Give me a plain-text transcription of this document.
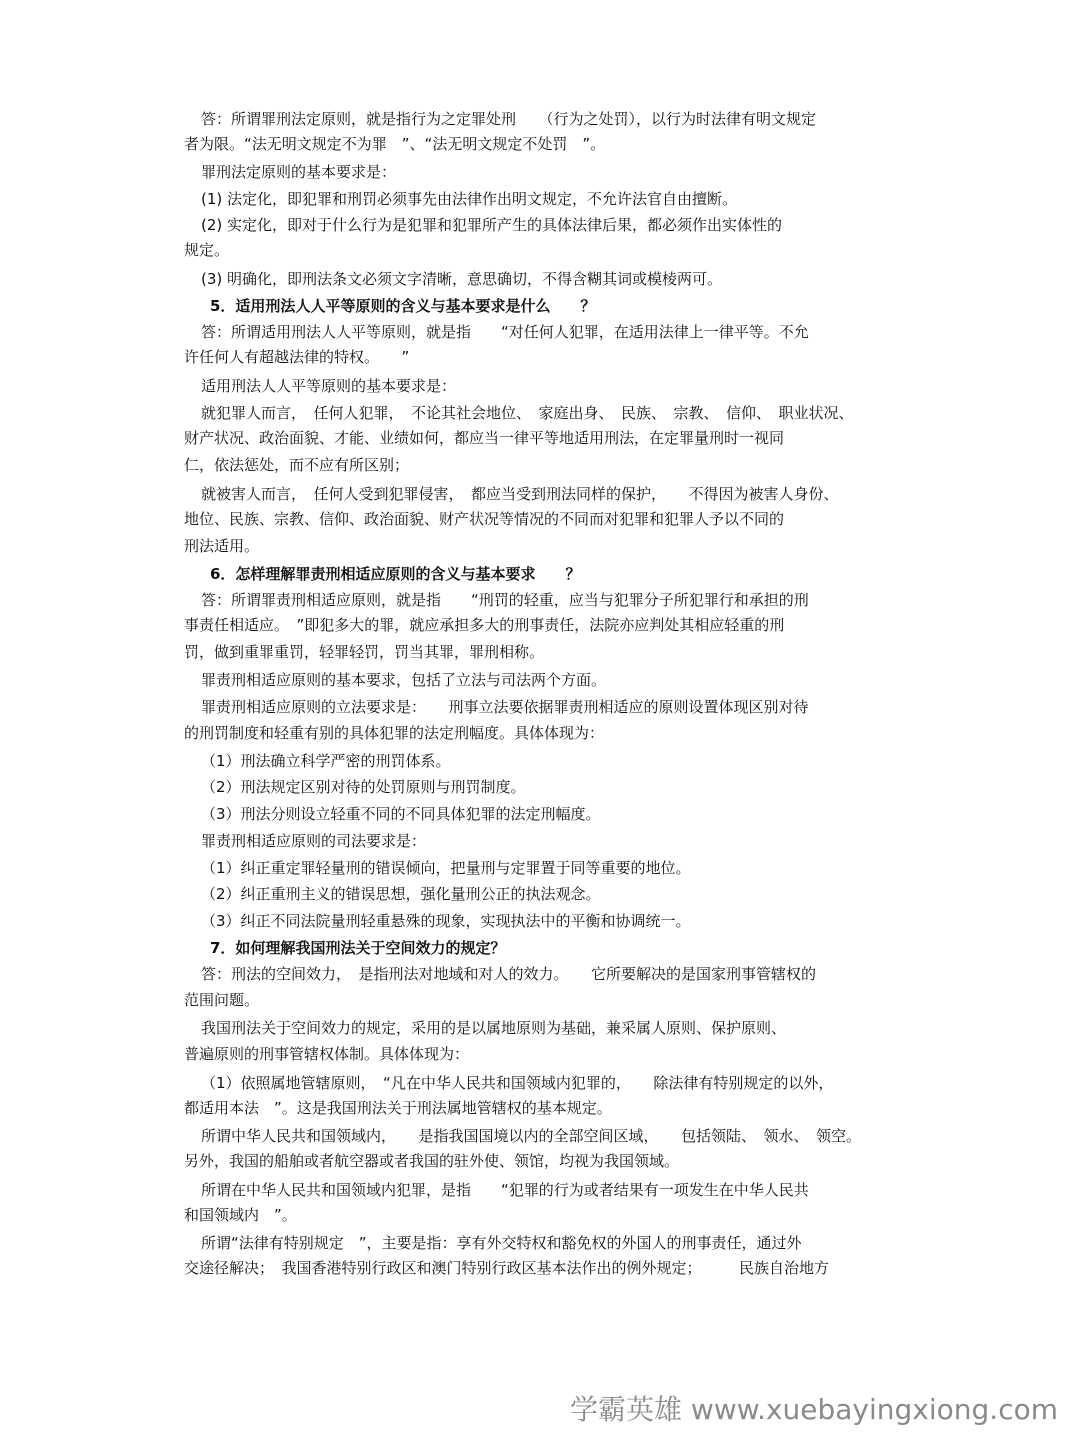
答：所谓罪刑法定原则，就是指行为之定罪处刑　　（行为之处罚），以行为时法律有明文规定
者为限。“法无明文规定不为罪　”、“法无明文规定不处罚　”。
罪刑法定原则的基本要求是：
(1) 法定化，即犯罪和刑罚必须事先由法律作出明文规定，不允许法官自由擅断。
(2) 实定化，即对于什么行为是犯罪和犯罪所产生的具体法律后果，都必须作出实体性的
规定。
(3) 明确化，即刑法条文必须文字清晰，意思确切，不得含糊其词或模棱两可。
5．适用刑法人人平等原则的含义与基本要求是什么　　？
答：所谓适用刑法人人平等原则，就是指　　“对任何人犯罪，在适用法律上一律平等。不允
许任何人有超越法律的特权。　　”
适用刑法人人平等原则的基本要求是：
就犯罪人而言，　任何人犯罪，　不论其社会地位、　家庭出身、　民族、　宗教、　信仰、　职业状况、
财产状况、政治面貌、才能、业绩如何，都应当一律平等地适用刑法，在定罪量刑时一视同
仁，依法惩处，而不应有所区别；
就被害人而言，　任何人受到犯罪侵害，　都应当受到刑法同样的保护，　　不得因为被害人身份、
地位、民族、宗教、信仰、政治面貌、财产状况等情况的不同而对犯罪和犯罪人予以不同的
刑法适用。
6．怎样理解罪责刑相适应原则的含义与基本要求　　？
答：所谓罪责刑相适应原则，就是指　　“刑罚的轻重，应当与犯罪分子所犯罪行和承担的刑
事责任相适应。　”即犯多大的罪，就应承担多大的刑事责任，法院亦应判处其相应轻重的刑
罚，做到重罪重罚，轻罪轻罚，罚当其罪，罪刑相称。
罪责刑相适应原则的基本要求，包括了立法与司法两个方面。
罪责刑相适应原则的立法要求是：　　刑事立法要依据罪责刑相适应的原则设置体现区别对待
的刑罚制度和轻重有别的具体犯罪的法定刑幅度。具体体现为：
（1）刑法确立科学严密的刑罚体系。
（2）刑法规定区别对待的处罚原则与刑罚制度。
（3）刑法分则设立轻重不同的不同具体犯罪的法定刑幅度。
罪责刑相适应原则的司法要求是：
（1）纠正重定罪轻量刑的错误倾向，把量刑与定罪置于同等重要的地位。
（2）纠正重刑主义的错误思想，强化量刑公正的执法观念。
（3）纠正不同法院量刑轻重悬殊的现象，实现执法中的平衡和协调统一。
7．如何理解我国刑法关于空间效力的规定？
答：刑法的空间效力，　是指刑法对地域和对人的效力。　　它所要解决的是国家刑事管辖权的
范围问题。
我国刑法关于空间效力的规定，采用的是以属地原则为基础，兼采属人原则、保护原则、
普遍原则的刑事管辖权体制。具体体现为：
（1）依照属地管辖原则，　“凡在中华人民共和国领域内犯罪的，　　除法律有特别规定的以外，
都适用本法　”。这是我国刑法关于刑法属地管辖权的基本规定。
所谓中华人民共和国领域内，　　是指我国国境以内的全部空间区域，　　包括领陆、　领水、　领空。
另外，我国的船舶或者航空器或者我国的驻外使、领馆，均视为我国领域。
所谓在中华人民共和国领域内犯罪，是指　　“犯罪的行为或者结果有一项发生在中华人民共
和国领域内　”。
所谓“法律有特别规定　”，主要是指：享有外交特权和豁免权的外国人的刑事责任，通过外
交途径解决；　我国香港特别行政区和澳门特别行政区基本法作出的例外规定；　　　民族自治地方
学霸英雄 www.xuebayingxiong.com
